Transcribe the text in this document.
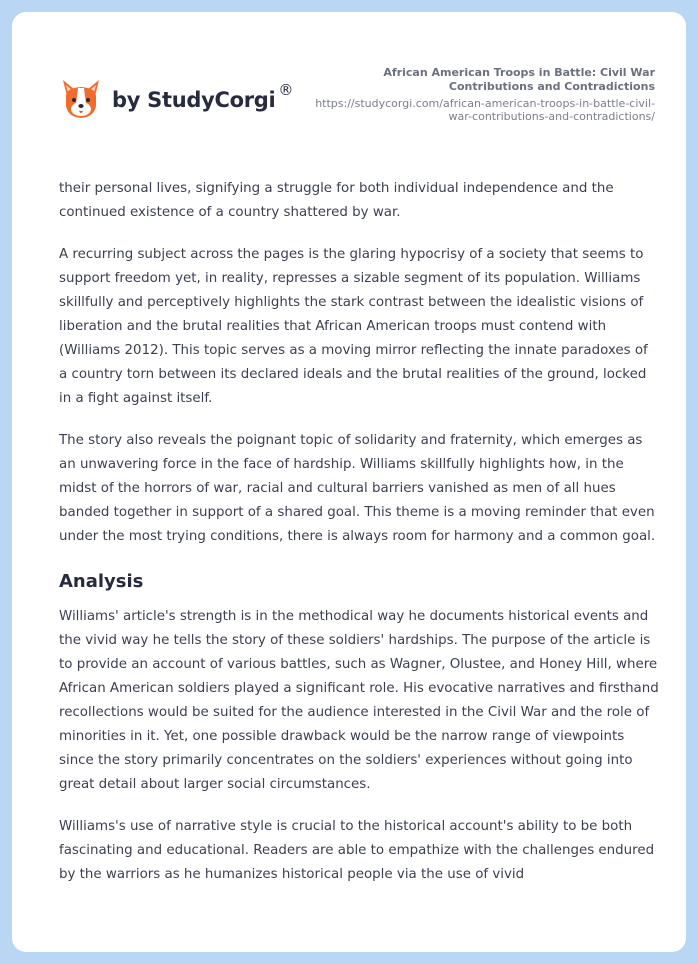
by StudyCorgi ®
African American Troops in Battle: Civil War Contributions and Contradictions
https://studycorgi.com/african-american-troops-in-battle-civil-war-contributions-and-contradictions/

their personal lives, signifying a struggle for both individual independence and the continued existence of a country shattered by war.

A recurring subject across the pages is the glaring hypocrisy of a society that seems to support freedom yet, in reality, represses a sizable segment of its population. Williams skillfully and perceptively highlights the stark contrast between the idealistic visions of liberation and the brutal realities that African American troops must contend with (Williams 2012). This topic serves as a moving mirror reflecting the innate paradoxes of a country torn between its declared ideals and the brutal realities of the ground, locked in a fight against itself.

The story also reveals the poignant topic of solidarity and fraternity, which emerges as an unwavering force in the face of hardship. Williams skillfully highlights how, in the midst of the horrors of war, racial and cultural barriers vanished as men of all hues banded together in support of a shared goal. This theme is a moving reminder that even under the most trying conditions, there is always room for harmony and a common goal.

Analysis

Williams' article's strength is in the methodical way he documents historical events and the vivid way he tells the story of these soldiers' hardships. The purpose of the article is to provide an account of various battles, such as Wagner, Olustee, and Honey Hill, where African American soldiers played a significant role. His evocative narratives and firsthand recollections would be suited for the audience interested in the Civil War and the role of minorities in it. Yet, one possible drawback would be the narrow range of viewpoints since the story primarily concentrates on the soldiers' experiences without going into great detail about larger social circumstances.

Williams's use of narrative style is crucial to the historical account's ability to be both fascinating and educational. Readers are able to empathize with the challenges endured by the warriors as he humanizes historical people via the use of vivid
